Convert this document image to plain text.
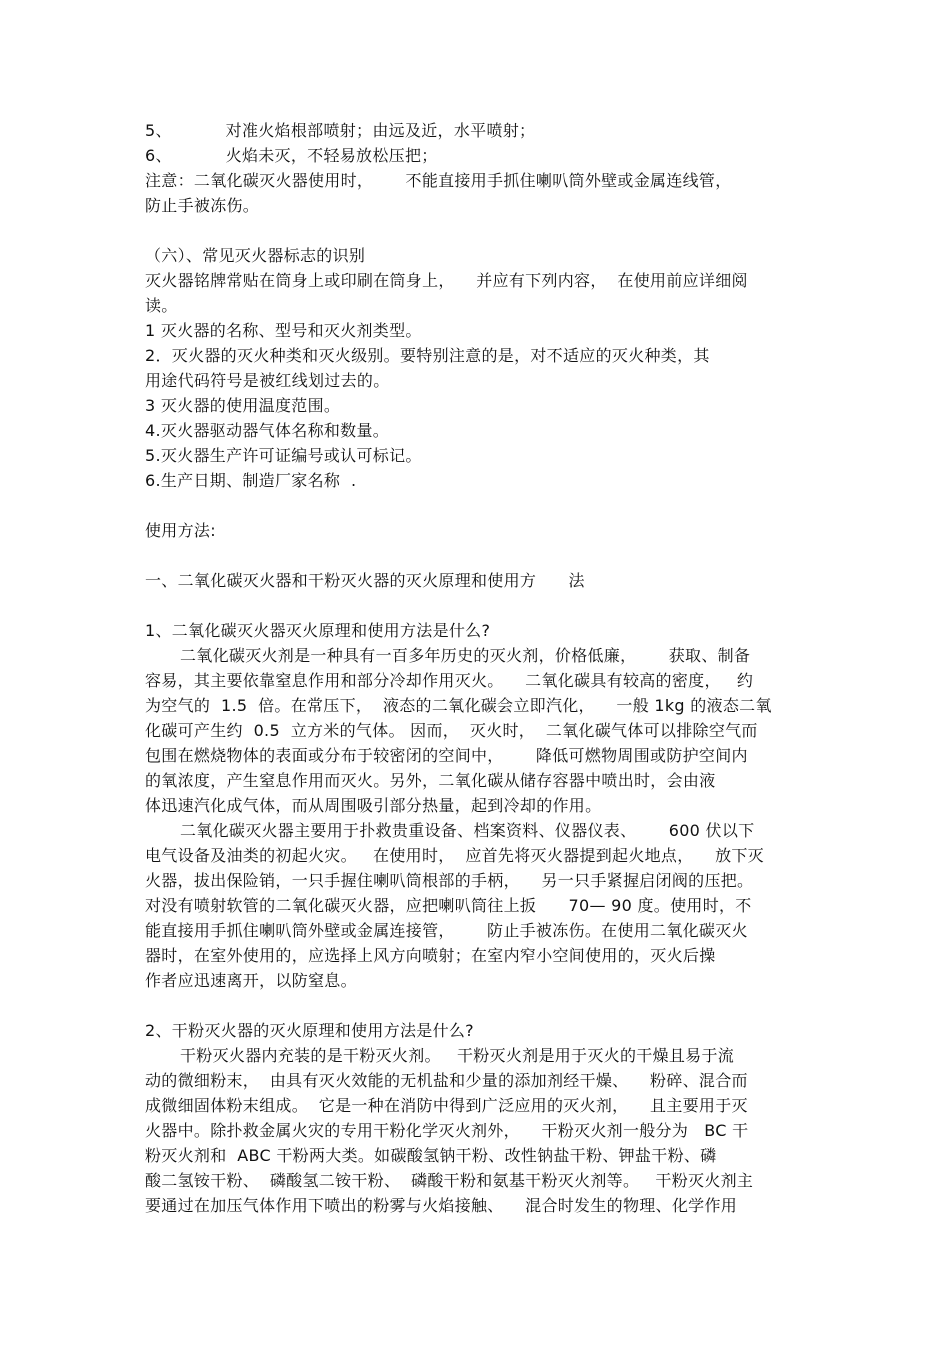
5、          对准火焰根部喷射；由远及近，水平喷射；
6、          火焰未灭，不轻易放松压把；
注意：二氧化碳灭火器使用时，      不能直接用手抓住喇叭筒外壁或金属连线管，
防止手被冻伤。
（六）、常见灭火器标志的识别
灭火器铭牌常贴在筒身上或印刷在筒身上，    并应有下列内容，  在使用前应详细阅
读。
1 灭火器的名称、型号和灭火剂类型。
2．灭火器的灭火种类和灭火级别。要特别注意的是，对不适应的灭火种类，其
用途代码符号是被红线划过去的。
3 灭火器的使用温度范围。
4.灭火器驱动器气体名称和数量。
5.灭火器生产许可证编号或认可标记。
6.生产日期、制造厂家名称  .
使用方法:
一、二氧化碳灭火器和干粉灭火器的灭火原理和使用方      法
1、二氧化碳灭火器灭火原理和使用方法是什么?
二氧化碳灭火剂是一种具有一百多年历史的灭火剂，价格低廉，      获取、制备
容易，其主要依靠窒息作用和部分冷却作用灭火。    二氧化碳具有较高的密度，   约
为空气的  1.5  倍。在常压下，  液态的二氧化碳会立即汽化，    一般 1kg 的液态二氧
化碳可产生约  0.5  立方米的气体。 因而，  灭火时，  二氧化碳气体可以排除空气而
包围在燃烧物体的表面或分布于较密闭的空间中，      降低可燃物周围或防护空间内
的氧浓度，产生窒息作用而灭火。另外，二氧化碳从储存容器中喷出时，会由液
体迅速汽化成气体，而从周围吸引部分热量，起到冷却的作用。
二氧化碳灭火器主要用于扑救贵重设备、档案资料、仪器仪表、      600 伏以下
电气设备及油类的初起火灾。   在使用时，  应首先将灭火器提到起火地点，    放下灭
火器，拔出保险销，一只手握住喇叭筒根部的手柄，    另一只手紧握启闭阀的压把。
对没有喷射软管的二氧化碳灭火器，应把喇叭筒往上扳      70— 90 度。使用时，不
能直接用手抓住喇叭筒外壁或金属连接管，      防止手被冻伤。在使用二氧化碳灭火
器时，在室外使用的，应选择上风方向喷射；在室内窄小空间使用的，灭火后操
作者应迅速离开，以防窒息。
2、干粉灭火器的灭火原理和使用方法是什么?
干粉灭火器内充装的是干粉灭火剂。   干粉灭火剂是用于灭火的干燥且易于流
动的微细粉末，  由具有灭火效能的无机盐和少量的添加剂经干燥、    粉碎、混合而
成微细固体粉末组成。  它是一种在消防中得到广泛应用的灭火剂，    且主要用于灭
火器中。除扑救金属火灾的专用干粉化学灭火剂外，    干粉灭火剂一般分为   BC 干
粉灭火剂和  ABC 干粉两大类。如碳酸氢钠干粉、改性钠盐干粉、钾盐干粉、磷
酸二氢铵干粉、  磷酸氢二铵干粉、  磷酸干粉和氨基干粉灭火剂等。   干粉灭火剂主
要通过在加压气体作用下喷出的粉雾与火焰接触、    混合时发生的物理、化学作用
